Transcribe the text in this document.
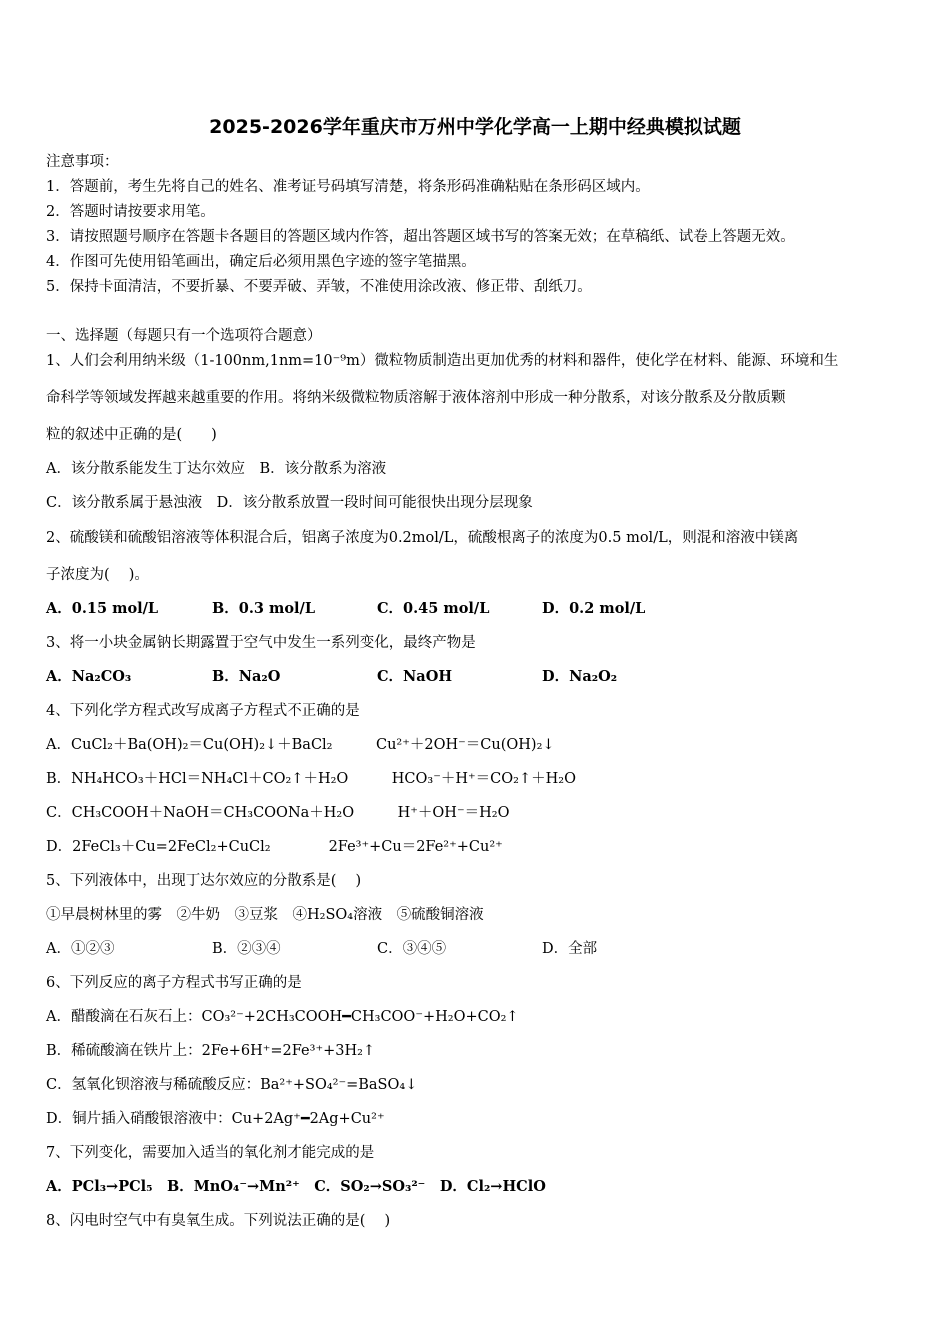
2025-2026学年重庆市万州中学化学高一上期中经典模拟试题
注意事项：
1．答题前，考生先将自己的姓名、准考证号码填写清楚，将条形码准确粘贴在条形码区域内。
2．答题时请按要求用笔。
3．请按照题号顺序在答题卡各题目的答题区域内作答，超出答题区域书写的答案无效；在草稿纸、试卷上答题无效。
4．作图可先使用铅笔画出，确定后必须用黑色字迹的签字笔描黑。
5．保持卡面清洁，不要折暴、不要弄破、弄皱，不准使用涂改液、修正带、刮纸刀。
一、选择题（每题只有一个选项符合题意）
1、人们会利用纳米级（1-100nm,1nm=10⁻⁹m）微粒物质制造出更加优秀的材料和器件，使化学在材料、能源、环境和生
命科学等领域发挥越来越重要的作用。将纳米级微粒物质溶解于液体溶剂中形成一种分散系，对该分散系及分散质颗
粒的叙述中正确的是(　　)
A．该分散系能发生丁达尔效应　B．该分散系为溶液
C．该分散系属于悬浊液　D．该分散系放置一段时间可能很快出现分层现象
2、硫酸镁和硫酸铝溶液等体积混合后，铝离子浓度为0.2mol/L，硫酸根离子的浓度为0.5 mol/L，则混和溶液中镁离
子浓度为(　 )。
A．0.15 mol/L	B．0.3 mol/L	C．0.45 mol/L	D．0.2 mol/L
3、将一小块金属钠长期露置于空气中发生一系列变化，最终产物是
A．Na₂CO₃	B．Na₂O	C．NaOH	D．Na₂O₂
4、下列化学方程式改写成离子方程式不正确的是
A．CuCl₂＋Ba(OH)₂＝Cu(OH)₂↓＋BaCl₂　　　Cu²⁺＋2OH⁻＝Cu(OH)₂↓
B．NH₄HCO₃＋HCl＝NH₄Cl＋CO₂↑＋H₂O　　　HCO₃⁻＋H⁺＝CO₂↑＋H₂O
C．CH₃COOH＋NaOH＝CH₃COONa＋H₂O　　　H⁺＋OH⁻＝H₂O
D．2FeCl₃＋Cu=2FeCl₂+CuCl₂　　　　2Fe³⁺+Cu＝2Fe²⁺+Cu²⁺
5、下列液体中，出现丁达尔效应的分散系是(　 )
①早晨树林里的雾　②牛奶　③豆浆　④H₂SO₄溶液　⑤硫酸铜溶液
A．①②③	B．②③④	C．③④⑤	D．全部
6、下列反应的离子方程式书写正确的是
A．醋酸滴在石灰石上：CO₃²⁻+2CH₃COOH━CH₃COO⁻+H₂O+CO₂↑
B．稀硫酸滴在铁片上：2Fe+6H⁺=2Fe³⁺+3H₂↑
C．氢氧化钡溶液与稀硫酸反应：Ba²⁺+SO₄²⁻=BaSO₄↓
D．铜片插入硝酸银溶液中：Cu+2Ag⁺━2Ag+Cu²⁺
7、下列变化，需要加入适当的氧化剂才能完成的是
A．PCl₃→PCl₅　B．MnO₄⁻→Mn²⁺　C．SO₂→SO₃²⁻　D．Cl₂→HClO
8、闪电时空气中有臭氧生成。下列说法正确的是(　 )
